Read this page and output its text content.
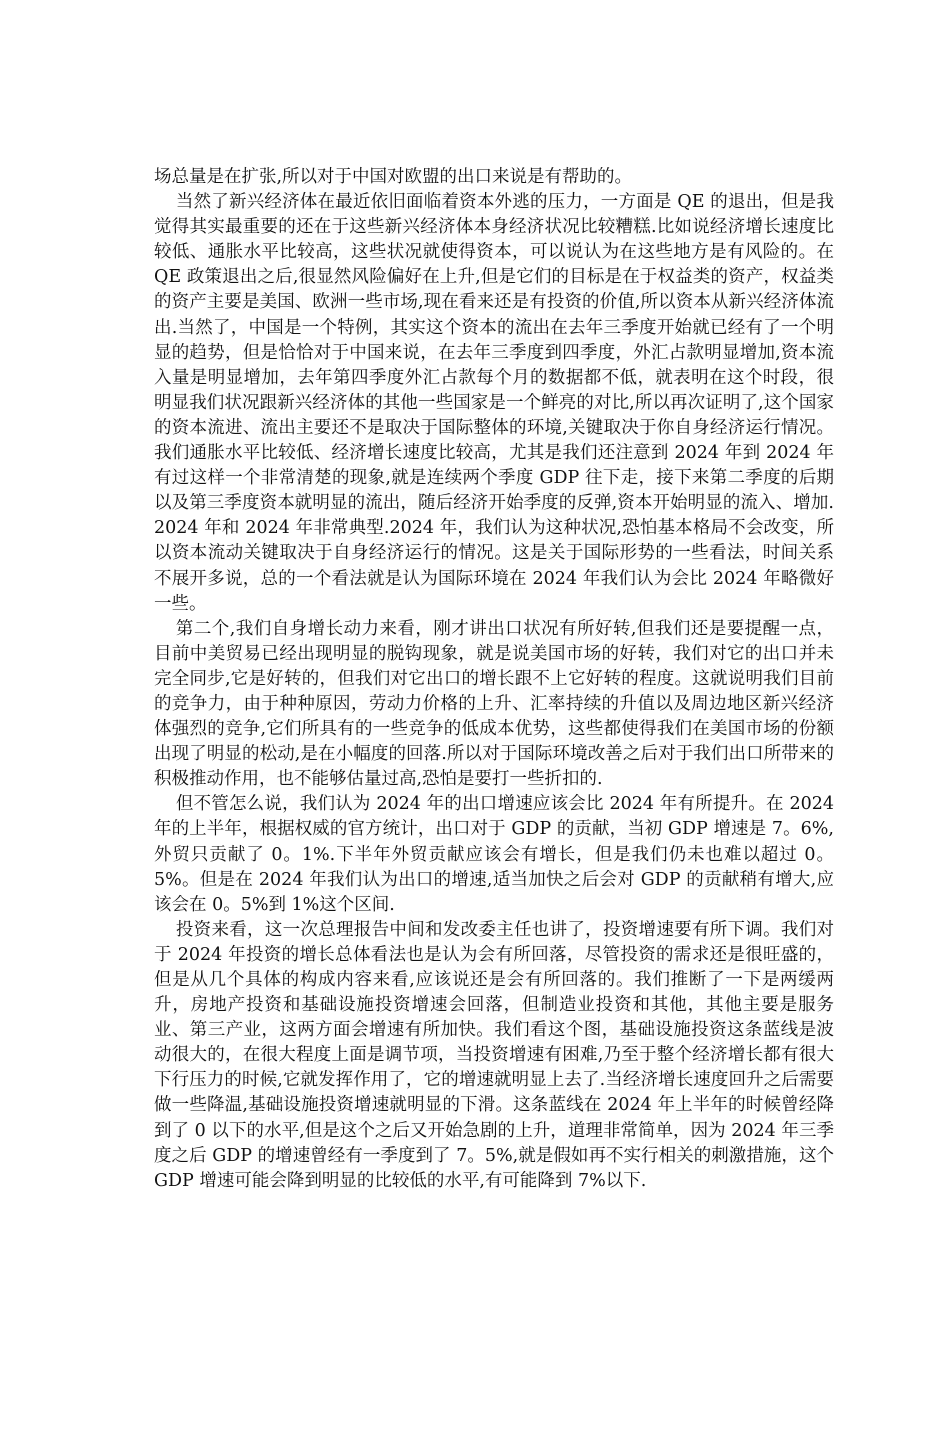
场总量是在扩张,所以对于中国对欧盟的出口来说是有帮助的。

当然了新兴经济体在最近依旧面临着资本外逃的压力，一方面是 QE 的退出，但是我觉得其实最重要的还在于这些新兴经济体本身经济状况比较糟糕.比如说经济增长速度比较低、通胀水平比较高，这些状况就使得资本，可以说认为在这些地方是有风险的。在 QE 政策退出之后,很显然风险偏好在上升,但是它们的目标是在于权益类的资产，权益类的资产主要是美国、欧洲一些市场,现在看来还是有投资的价值,所以资本从新兴经济体流出.当然了，中国是一个特例，其实这个资本的流出在去年三季度开始就已经有了一个明显的趋势，但是恰恰对于中国来说，在去年三季度到四季度，外汇占款明显增加,资本流入量是明显增加，去年第四季度外汇占款每个月的数据都不低，就表明在这个时段，很明显我们状况跟新兴经济体的其他一些国家是一个鲜亮的对比,所以再次证明了,这个国家的资本流进、流出主要还不是取决于国际整体的环境,关键取决于你自身经济运行情况。我们通胀水平比较低、经济增长速度比较高，尤其是我们还注意到 2024 年到 2024 年有过这样一个非常清楚的现象,就是连续两个季度 GDP 往下走，接下来第二季度的后期以及第三季度资本就明显的流出，随后经济开始季度的反弹,资本开始明显的流入、增加.2024 年和 2024 年非常典型.2024 年，我们认为这种状况,恐怕基本格局不会改变，所以资本流动关键取决于自身经济运行的情况。这是关于国际形势的一些看法，时间关系不展开多说，总的一个看法就是认为国际环境在 2024 年我们认为会比 2024 年略微好一些。

第二个,我们自身增长动力来看，刚才讲出口状况有所好转,但我们还是要提醒一点，目前中美贸易已经出现明显的脱钩现象，就是说美国市场的好转，我们对它的出口并未完全同步,它是好转的，但我们对它出口的增长跟不上它好转的程度。这就说明我们目前的竞争力，由于种种原因，劳动力价格的上升、汇率持续的升值以及周边地区新兴经济体强烈的竞争,它们所具有的一些竞争的低成本优势，这些都使得我们在美国市场的份额出现了明显的松动,是在小幅度的回落.所以对于国际环境改善之后对于我们出口所带来的积极推动作用，也不能够估量过高,恐怕是要打一些折扣的.

但不管怎么说，我们认为 2024 年的出口增速应该会比 2024 年有所提升。在 2024 年的上半年，根据权威的官方统计，出口对于 GDP 的贡献，当初 GDP 增速是 7。6%,外贸只贡献了 0。1%.下半年外贸贡献应该会有增长，但是我们仍未也难以超过 0。5%。但是在 2024 年我们认为出口的增速,适当加快之后会对 GDP 的贡献稍有增大,应该会在 0。5%到 1%这个区间.

投资来看，这一次总理报告中间和发改委主任也讲了，投资增速要有所下调。我们对于 2024 年投资的增长总体看法也是认为会有所回落，尽管投资的需求还是很旺盛的，但是从几个具体的构成内容来看,应该说还是会有所回落的。我们推断了一下是两缓两升，房地产投资和基础设施投资增速会回落，但制造业投资和其他，其他主要是服务业、第三产业，这两方面会增速有所加快。我们看这个图，基础设施投资这条蓝线是波动很大的，在很大程度上面是调节项，当投资增速有困难,乃至于整个经济增长都有很大下行压力的时候,它就发挥作用了，它的增速就明显上去了.当经济增长速度回升之后需要做一些降温,基础设施投资增速就明显的下滑。这条蓝线在 2024 年上半年的时候曾经降到了 0 以下的水平,但是这个之后又开始急剧的上升，道理非常简单，因为 2024 年三季度之后 GDP 的增速曾经有一季度到了 7。5%,就是假如再不实行相关的刺激措施，这个 GDP 增速可能会降到明显的比较低的水平,有可能降到 7%以下.
